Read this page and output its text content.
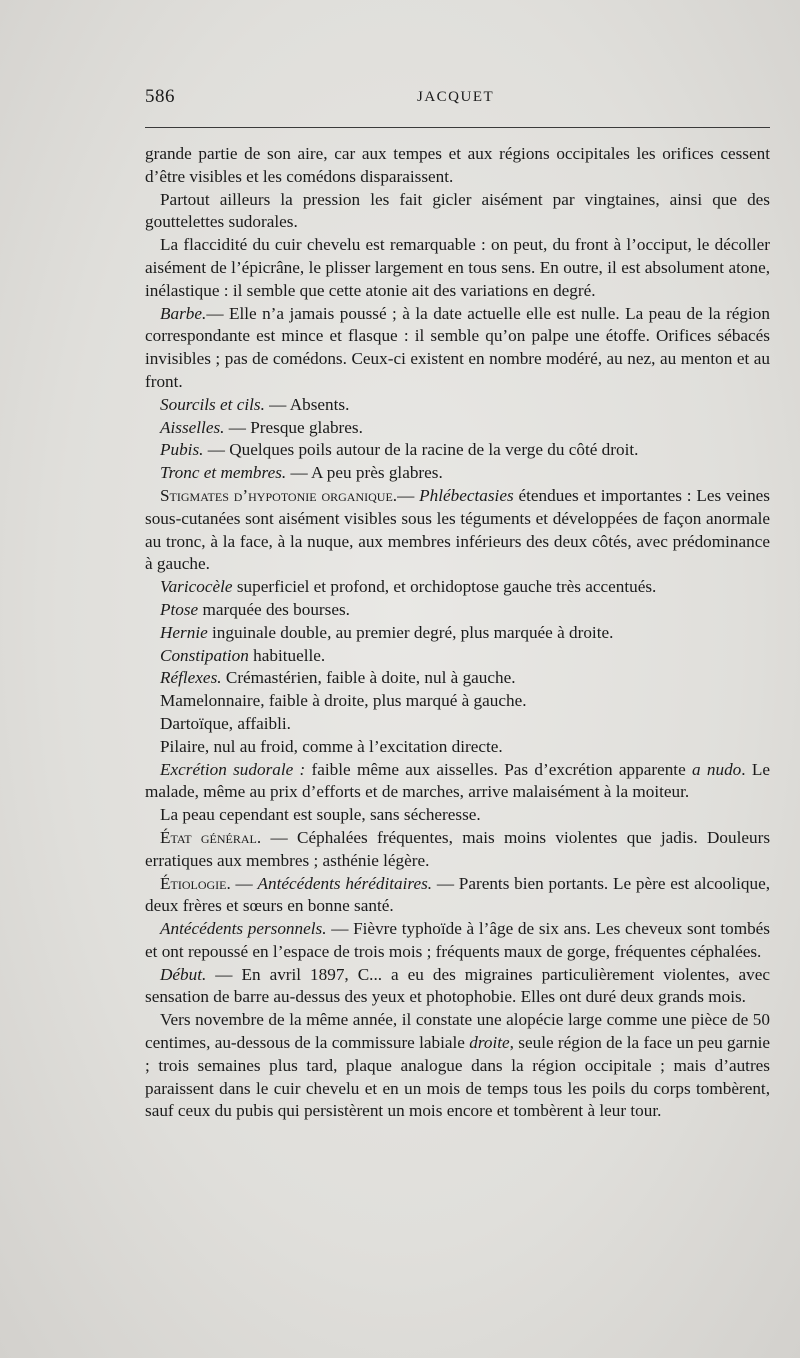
586	JACQUET

grande partie de son aire, car aux tempes et aux régions occipitales les orifices cessent d’être visibles et les comédons disparaissent.

Partout ailleurs la pression les fait gicler aisément par vingtaines, ainsi que des gouttelettes sudorales.

La flaccidité du cuir chevelu est remarquable : on peut, du front à l’occiput, le décoller aisément de l’épicrâne, le plisser largement en tous sens. En outre, il est absolument atone, inélastique : il semble que cette atonie ait des variations en degré.

Barbe.— Elle n’a jamais poussé ; à la date actuelle elle est nulle. La peau de la région correspondante est mince et flasque : il semble qu’on palpe une étoffe. Orifices sébacés invisibles ; pas de comédons. Ceux-ci existent en nombre modéré, au nez, au menton et au front.

Sourcils et cils. — Absents.

Aisselles. — Presque glabres.

Pubis. — Quelques poils autour de la racine de la verge du côté droit.

Tronc et membres. — A peu près glabres.

Stigmates d’hypotonie organique.— Phlébectasies étendues et importantes : Les veines sous-cutanées sont aisément visibles sous les téguments et développées de façon anormale au tronc, à la face, à la nuque, aux membres inférieurs des deux côtés, avec prédominance à gauche.

Varicocèle superficiel et profond, et orchidoptose gauche très accentués.

Ptose marquée des bourses.

Hernie inguinale double, au premier degré, plus marquée à droite.

Constipation habituelle.

Réflexes. Crémastérien, faible à doite, nul à gauche.

Mamelonnaire, faible à droite, plus marqué à gauche.

Dartoïque, affaibli.

Pilaire, nul au froid, comme à l’excitation directe.

Excrétion sudorale : faible même aux aisselles. Pas d’excrétion apparente a nudo. Le malade, même au prix d’efforts et de marches, arrive malaisément à la moiteur.

La peau cependant est souple, sans sécheresse.

État général. — Céphalées fréquentes, mais moins violentes que jadis. Douleurs erratiques aux membres ; asthénie légère.

Étiologie. — Antécédents héréditaires. — Parents bien portants. Le père est alcoolique, deux frères et sœurs en bonne santé.

Antécédents personnels. — Fièvre typhoïde à l’âge de six ans. Les cheveux sont tombés et ont repoussé en l’espace de trois mois ; fréquents maux de gorge, fréquentes céphalées.

Début. — En avril 1897, C... a eu des migraines particulièrement violentes, avec sensation de barre au-dessus des yeux et photophobie. Elles ont duré deux grands mois.

Vers novembre de la même année, il constate une alopécie large comme une pièce de 50 centimes, au-dessous de la commissure labiale droite, seule région de la face un peu garnie ; trois semaines plus tard, plaque analogue dans la région occipitale ; mais d’autres paraissent dans le cuir chevelu et en un mois de temps tous les poils du corps tombèrent, sauf ceux du pubis qui persistèrent un mois encore et tombèrent à leur tour.
